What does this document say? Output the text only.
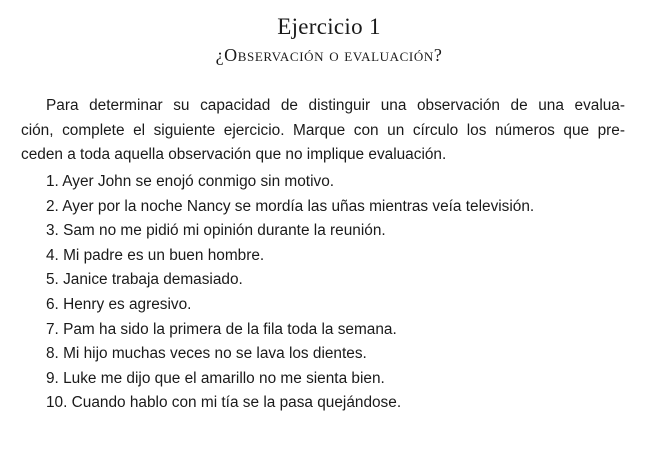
Ejercicio 1
¿Observación o evaluación?

Para determinar su capacidad de distinguir una observación de una evalua-
ción, complete el siguiente ejercicio. Marque con un círculo los números que pre-
ceden a toda aquella observación que no implique evaluación.

1. Ayer John se enojó conmigo sin motivo.
2. Ayer por la noche Nancy se mordía las uñas mientras veía televisión.
3. Sam no me pidió mi opinión durante la reunión.
4. Mi padre es un buen hombre.
5. Janice trabaja demasiado.
6. Henry es agresivo.
7. Pam ha sido la primera de la fila toda la semana.
8. Mi hijo muchas veces no se lava los dientes.
9. Luke me dijo que el amarillo no me sienta bien.
10. Cuando hablo con mi tía se la pasa quejándose.
